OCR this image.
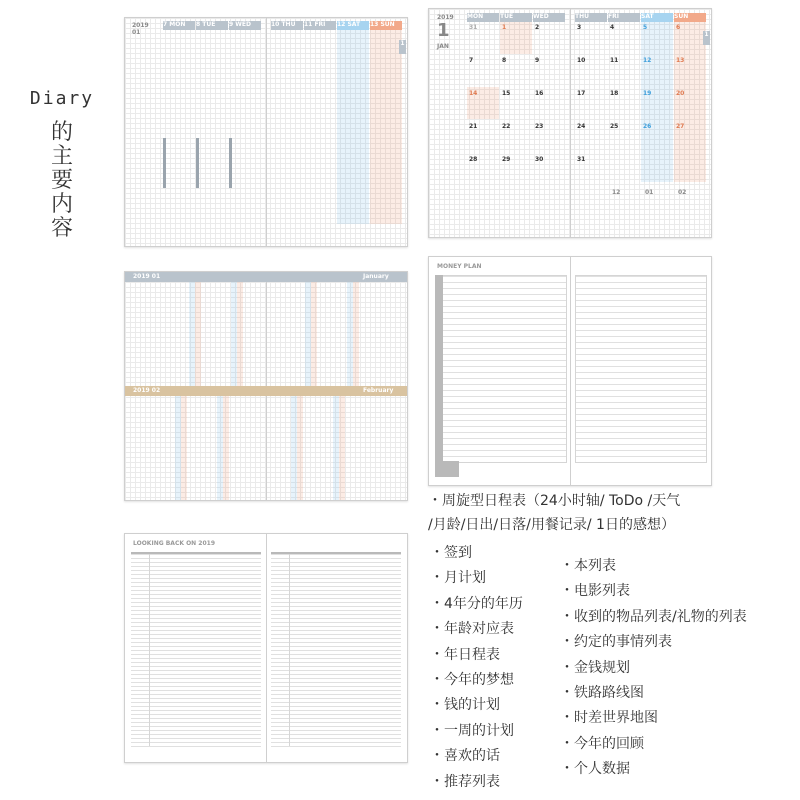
Diary
的
主
要
内
容
2019
01
7 MON	8 TUE	9 WED	10 THU	11 FRI	12 SAT	13 SUN
1
2019
1
JAN
MON	TUE	WED	THU	FRI	SAT	SUN
31	1	2	3	4	5	6
7	8	9	10	11	12	13
14	15	16	17	18	19	20
21	22	23	24	25	26	27
28	29	30	31
12	01	02
1
2019 01	January
2019 02	February
MONEY PLAN
LOOKING BACK ON 2019
・周旋型日程表（24小时轴/ ToDo /天气
/月龄/日出/日落/用餐记录/ 1日的感想）
・签到
・月计划
・4年分的年历
・年龄对应表
・年日程表
・今年的梦想
・钱的计划
・一周的计划
・喜欢的话
・推荐列表
・本列表
・电影列表
・收到的物品列表/礼物的列表
・约定的事情列表
・金钱规划
・铁路路线图
・时差世界地图
・今年的回顾
・个人数据
